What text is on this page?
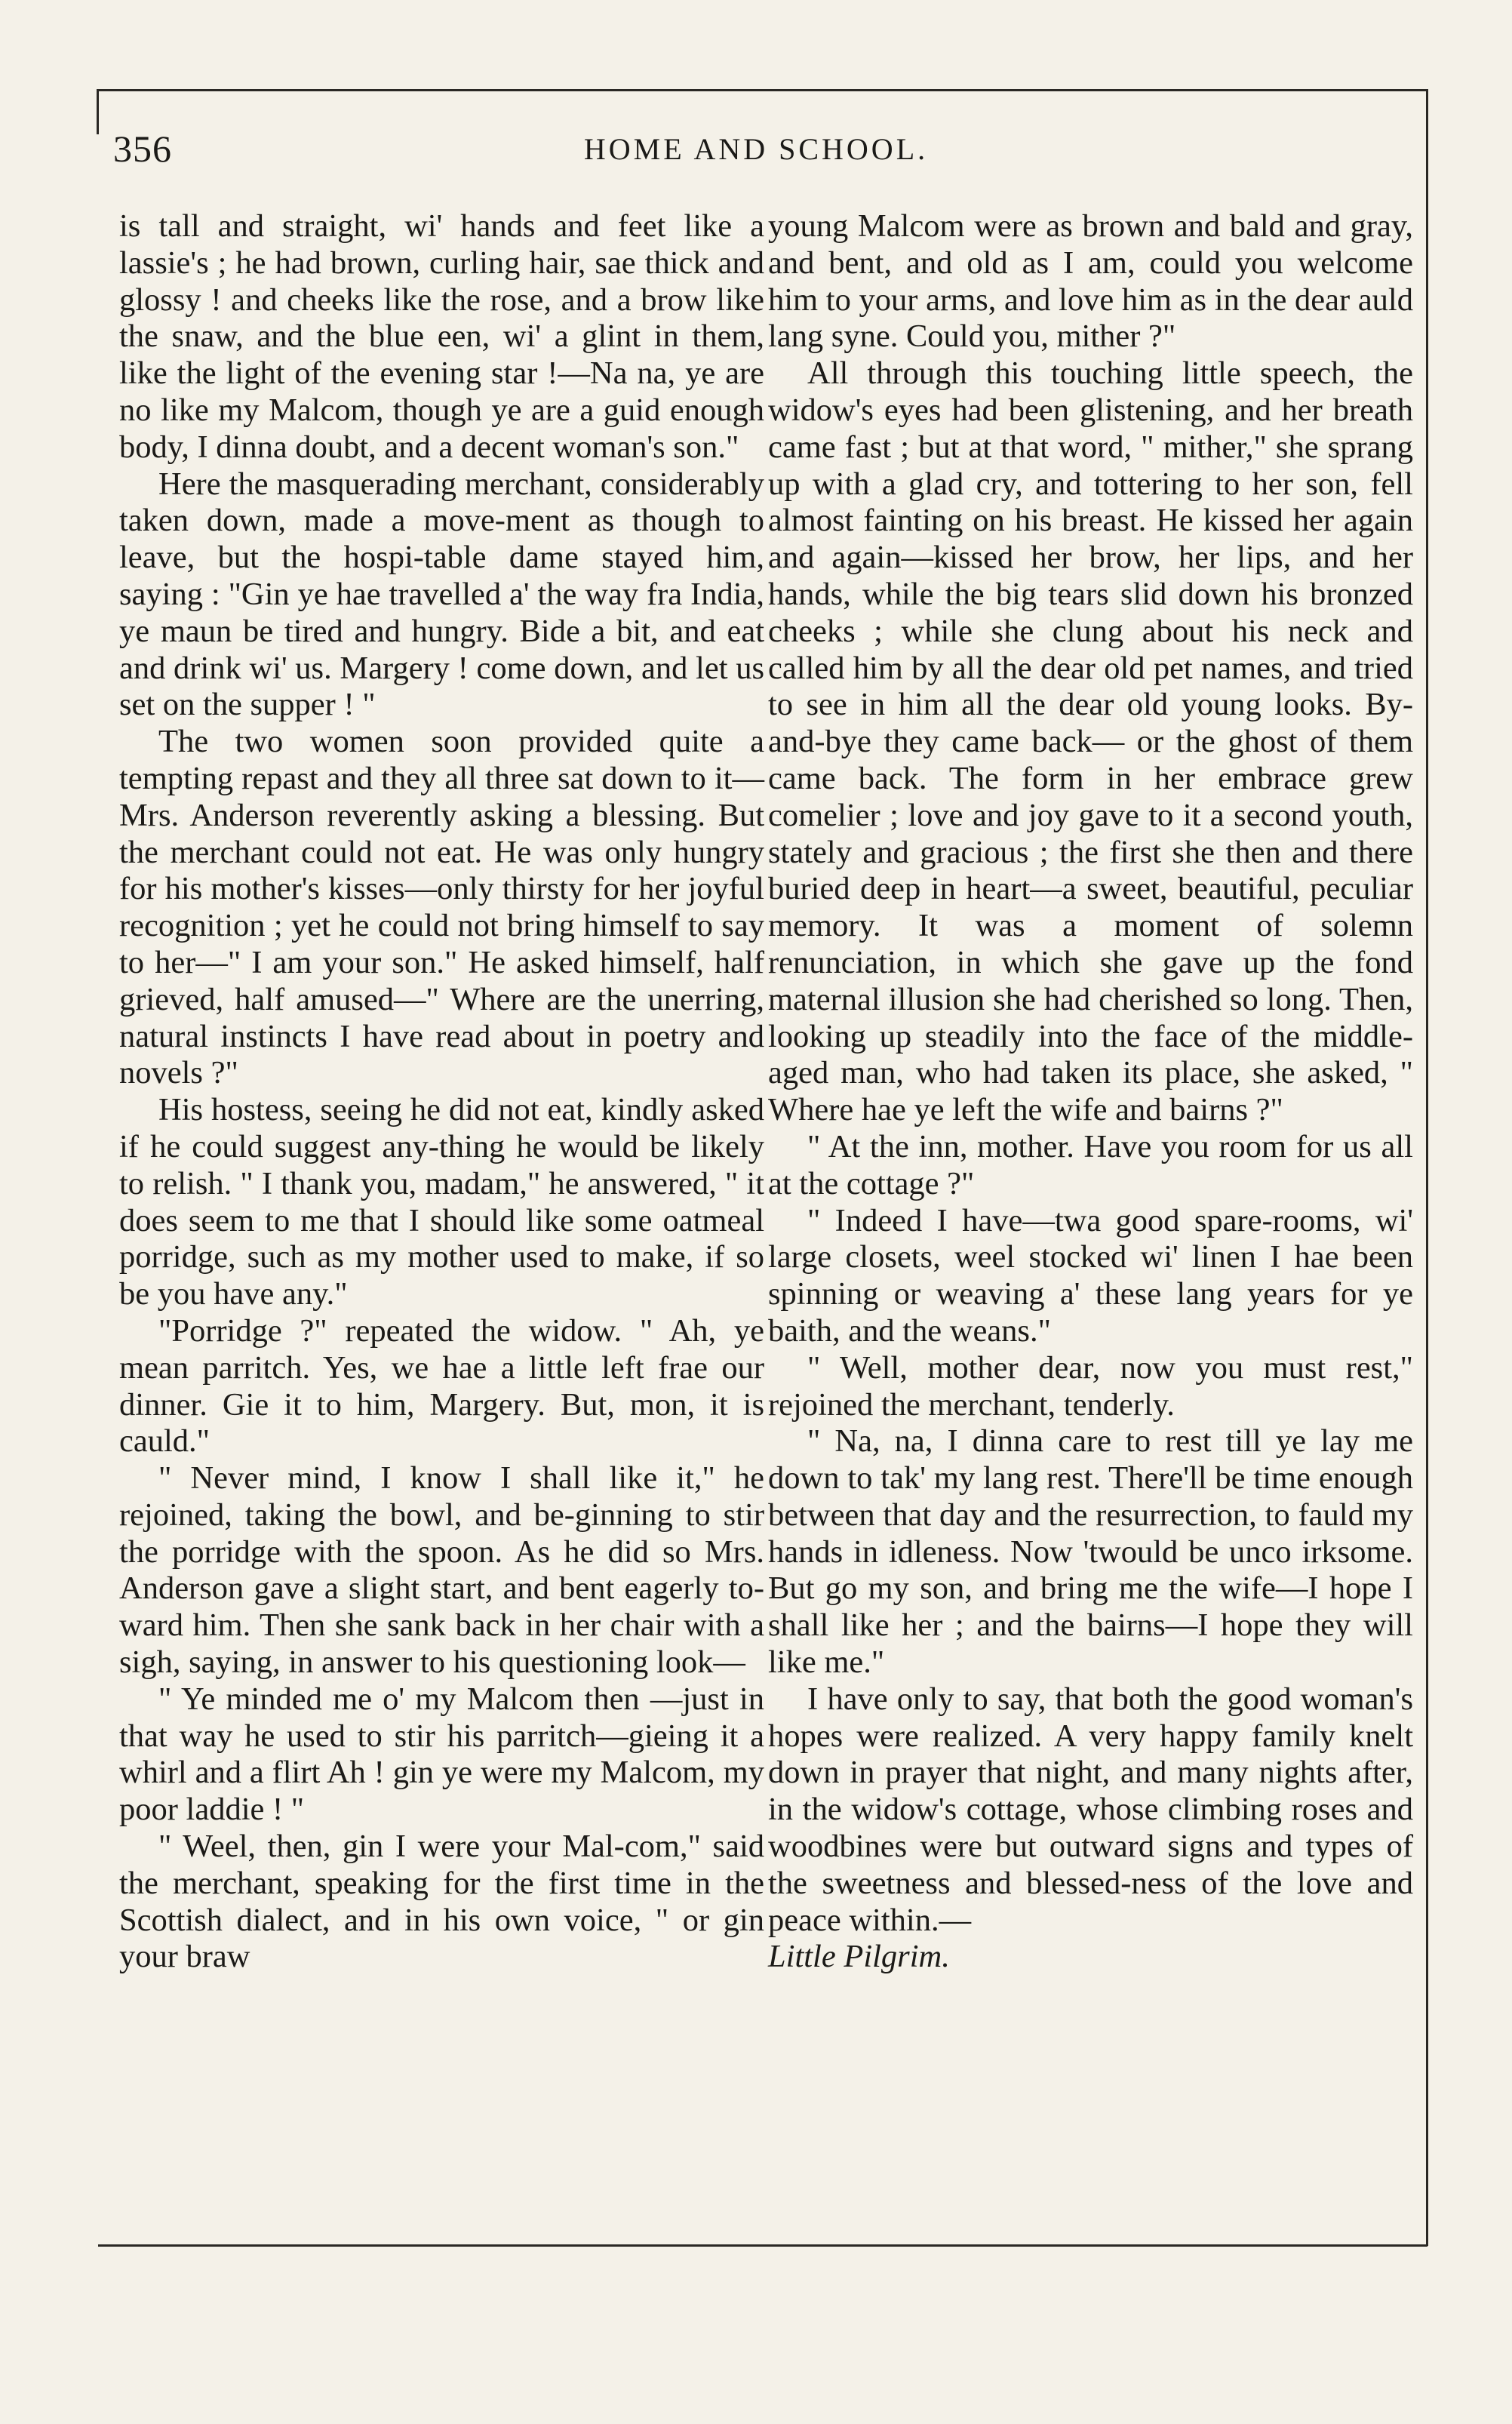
356	HOME AND SCHOOL.

is tall and straight, wi' hands and feet like a lassie's ; he had brown, curling hair, sae thick and glossy ! and cheeks like the rose, and a brow like the snaw, and the blue een, wi' a glint in them, like the light of the evening star !—Na na, ye are no like my Malcom, though ye are a guid enough body, I dinna doubt, and a decent woman's son."

Here the masquerading merchant, considerably taken down, made a move-ment as though to leave, but the hospi-table dame stayed him, saying : "Gin ye hae travelled a' the way fra India, ye maun be tired and hungry. Bide a bit, and eat and drink wi' us. Margery ! come down, and let us set on the supper ! "

The two women soon provided quite a tempting repast and they all three sat down to it—Mrs. Anderson reverently asking a blessing. But the merchant could not eat. He was only hungry for his mother's kisses—only thirsty for her joyful recognition ; yet he could not bring himself to say to her—" I am your son." He asked himself, half grieved, half amused—" Where are the unerring, natural instincts I have read about in poetry and novels ?"

His hostess, seeing he did not eat, kindly asked if he could suggest any-thing he would be likely to relish. " I thank you, madam," he answered, " it does seem to me that I should like some oatmeal porridge, such as my mother used to make, if so be you have any."

"Porridge ?" repeated the widow. " Ah, ye mean parritch. Yes, we hae a little left frae our dinner. Gie it to him, Margery. But, mon, it is cauld."

" Never mind, I know I shall like it," he rejoined, taking the bowl, and be-ginning to stir the porridge with the spoon. As he did so Mrs. Anderson gave a slight start, and bent eagerly to-ward him. Then she sank back in her chair with a sigh, saying, in answer to his questioning look—

" Ye minded me o' my Malcom then —just in that way he used to stir his parritch—gieing it a whirl and a flirt Ah ! gin ye were my Malcom, my poor laddie ! "

" Weel, then, gin I were your Mal-com," said the merchant, speaking for the first time in the Scottish dialect, and in his own voice, " or gin your braw

young Malcom were as brown and bald and gray, and bent, and old as I am, could you welcome him to your arms, and love him as in the dear auld lang syne. Could you, mither ?"

All through this touching little speech, the widow's eyes had been glistening, and her breath came fast ; but at that word, " mither," she sprang up with a glad cry, and tottering to her son, fell almost fainting on his breast. He kissed her again and again—kissed her brow, her lips, and her hands, while the big tears slid down his bronzed cheeks ; while she clung about his neck and called him by all the dear old pet names, and tried to see in him all the dear old young looks. By-and-bye they came back— or the ghost of them came back. The form in her embrace grew comelier ; love and joy gave to it a second youth, stately and gracious ; the first she then and there buried deep in heart—a sweet, beautiful, peculiar memory. It was a moment of solemn renunciation, in which she gave up the fond maternal illusion she had cherished so long. Then, looking up steadily into the face of the middle-aged man, who had taken its place, she asked, " Where hae ye left the wife and bairns ?"

" At the inn, mother. Have you room for us all at the cottage ?"

" Indeed I have—twa good spare-rooms, wi' large closets, weel stocked wi' linen I hae been spinning or weaving a' these lang years for ye baith, and the weans."

" Well, mother dear, now you must rest," rejoined the merchant, tenderly.

" Na, na, I dinna care to rest till ye lay me down to tak' my lang rest. There'll be time enough between that day and the resurrection, to fauld my hands in idleness. Now 'twould be unco irksome. But go my son, and bring me the wife—I hope I shall like her ; and the bairns—I hope they will like me."

I have only to say, that both the good woman's hopes were realized. A very happy family knelt down in prayer that night, and many nights after, in the widow's cottage, whose climbing roses and woodbines were but outward signs and types of the sweetness and blessed-ness of the love and peace within.—

Little Pilgrim.
